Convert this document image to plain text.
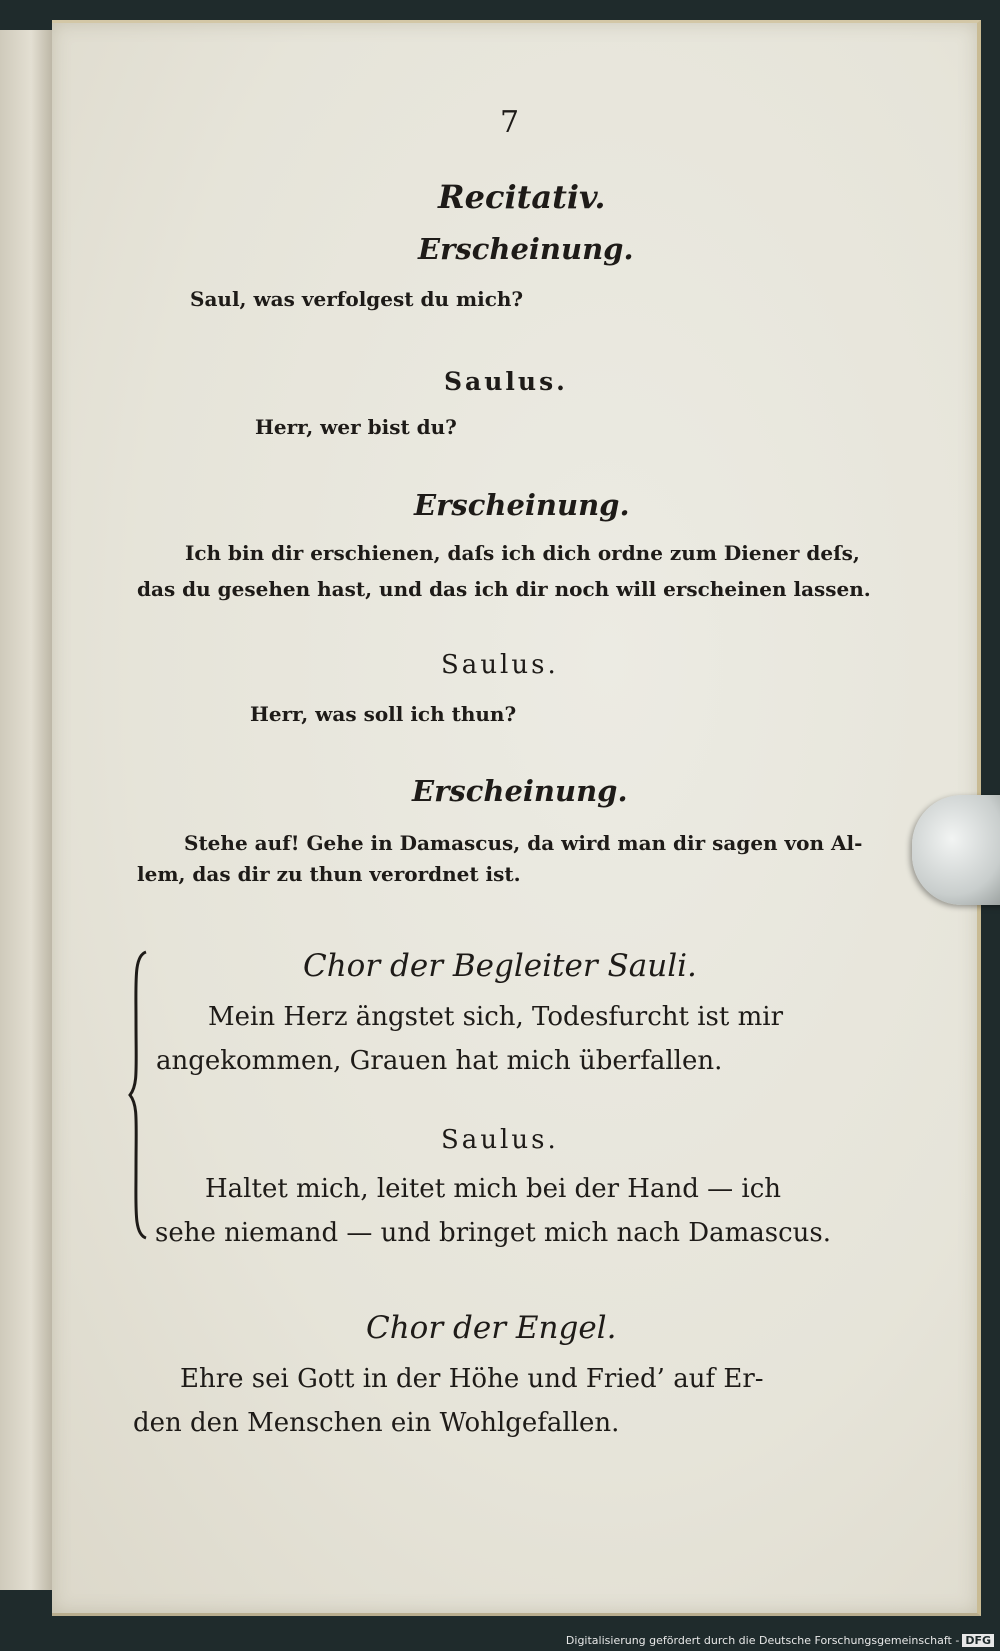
7
Recitativ.
Erscheinung.
Saul, was verfolgest du mich?
Saulus.
Herr, wer bist du?
Erscheinung.
Ich bin dir erschienen, daſs ich dich ordne zum Diener deſs,
das du gesehen hast, und das ich dir noch will erscheinen lassen.
Saulus.
Herr, was soll ich thun?
Erscheinung.
Stehe auf! Gehe in Damascus, da wird man dir sagen von Al-
lem, das dir zu thun verordnet ist.
Chor der Begleiter Sauli.
Mein Herz ängstet sich, Todesfurcht ist mir
angekommen, Grauen hat mich überfallen.
Saulus.
Haltet mich, leitet mich bei der Hand — ich
sehe niemand — und bringet mich nach Damascus.
Chor der Engel.
Ehre sei Gott in der Höhe und Fried’ auf Er-
den den Menschen ein Wohlgefallen.
Digitalisierung gefördert durch die Deutsche Forschungsgemeinschaft - DFG
